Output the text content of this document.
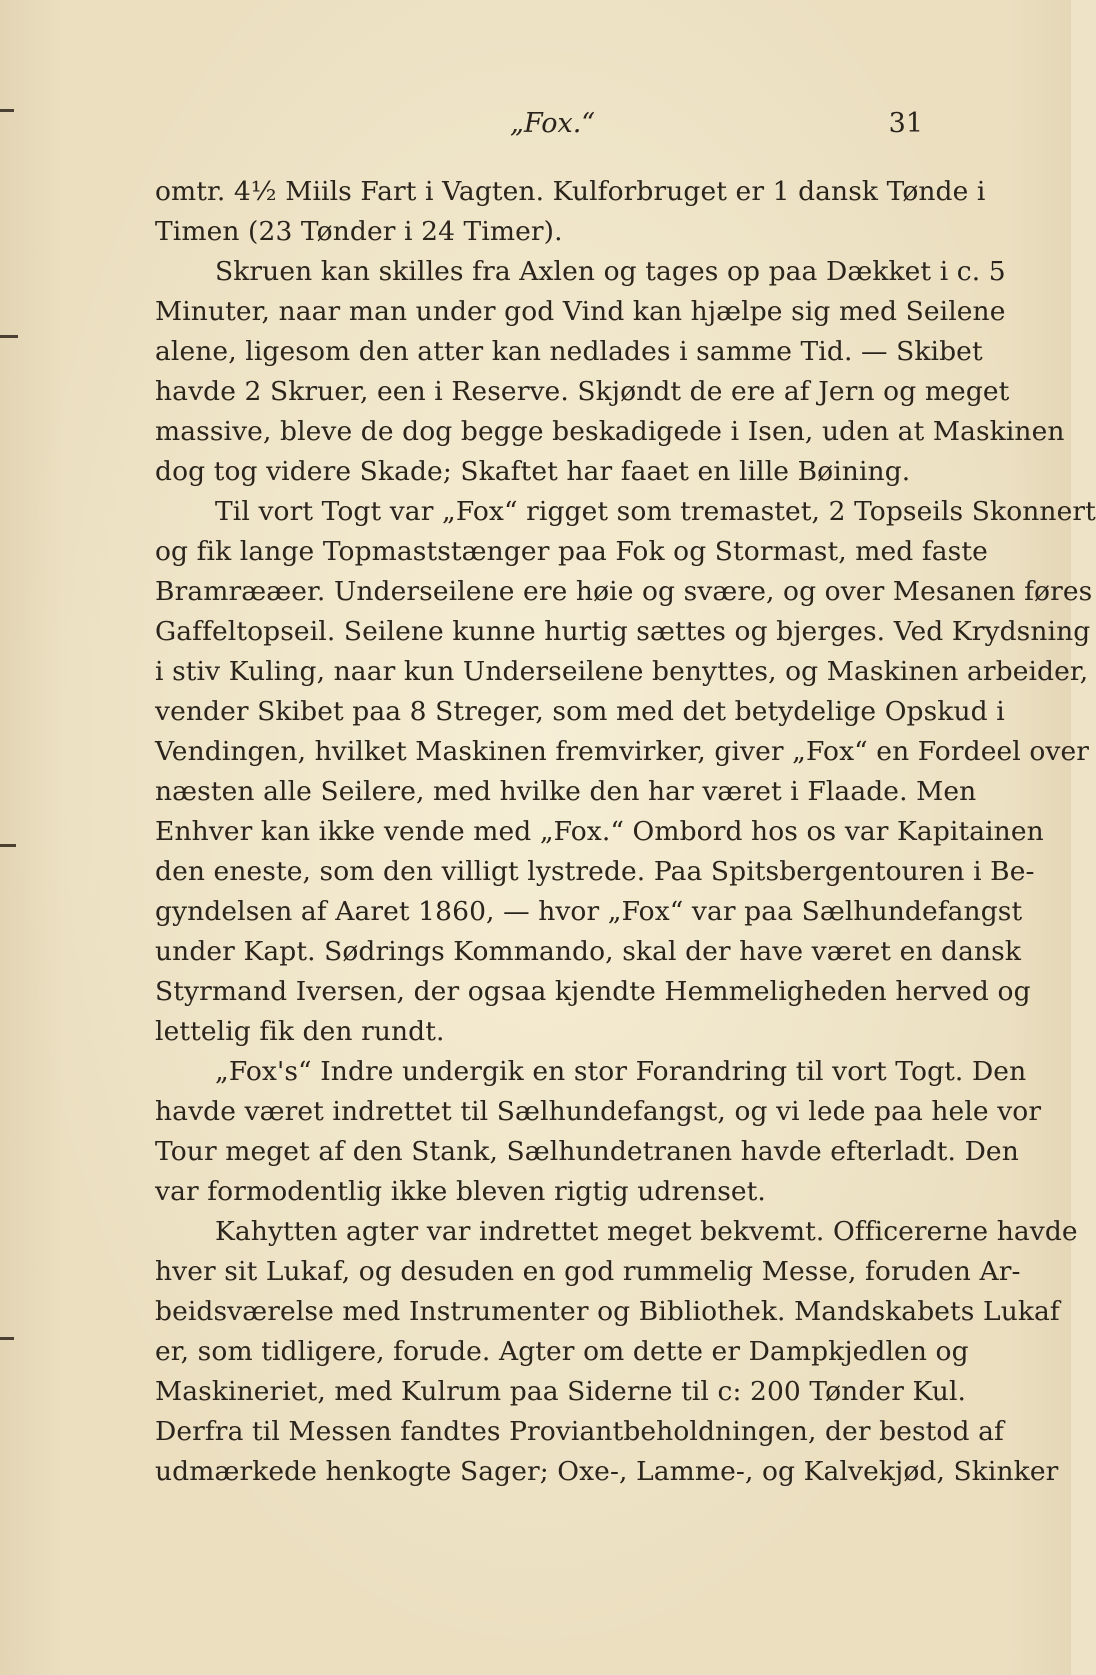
„Fox.“	31
omtr. 4½ Miils Fart i Vagten. Kulforbruget er 1 dansk Tønde i
Timen (23 Tønder i 24 Timer).
Skruen kan skilles fra Axlen og tages op paa Dækket i c. 5
Minuter, naar man under god Vind kan hjælpe sig med Seilene
alene, ligesom den atter kan nedlades i samme Tid. — Skibet
havde 2 Skruer, een i Reserve. Skjøndt de ere af Jern og meget
massive, bleve de dog begge beskadigede i Isen, uden at Maskinen
dog tog videre Skade; Skaftet har faaet en lille Bøining.
Til vort Togt var „Fox“ rigget som tremastet, 2 Topseils Skonnert
og fik lange Topmaststænger paa Fok og Stormast, med faste
Bramrææer. Underseilene ere høie og svære, og over Mesanen føres
Gaffeltopseil. Seilene kunne hurtig sættes og bjerges. Ved Krydsning
i stiv Kuling, naar kun Underseilene benyttes, og Maskinen arbeider,
vender Skibet paa 8 Streger, som med det betydelige Opskud i
Vendingen, hvilket Maskinen fremvirker, giver „Fox“ en Fordeel over
næsten alle Seilere, med hvilke den har været i Flaade. Men
Enhver kan ikke vende med „Fox.“ Ombord hos os var Kapitainen
den eneste, som den villigt lystrede. Paa Spitsbergentouren i Be-
gyndelsen af Aaret 1860, — hvor „Fox“ var paa Sælhundefangst
under Kapt. Sødrings Kommando, skal der have været en dansk
Styrmand Iversen, der ogsaa kjendte Hemmeligheden herved og
lettelig fik den rundt.
„Fox's“ Indre undergik en stor Forandring til vort Togt. Den
havde været indrettet til Sælhundefangst, og vi lede paa hele vor
Tour meget af den Stank, Sælhundetranen havde efterladt. Den
var formodentlig ikke bleven rigtig udrenset.
Kahytten agter var indrettet meget bekvemt. Officererne havde
hver sit Lukaf, og desuden en god rummelig Messe, foruden Ar-
beidsværelse med Instrumenter og Bibliothek. Mandskabets Lukaf
er, som tidligere, forude. Agter om dette er Dampkjedlen og
Maskineriet, med Kulrum paa Siderne til c: 200 Tønder Kul.
Derfra til Messen fandtes Proviantbeholdningen, der bestod af
udmærkede henkogte Sager; Oxe-, Lamme-, og Kalvekjød, Skinker
